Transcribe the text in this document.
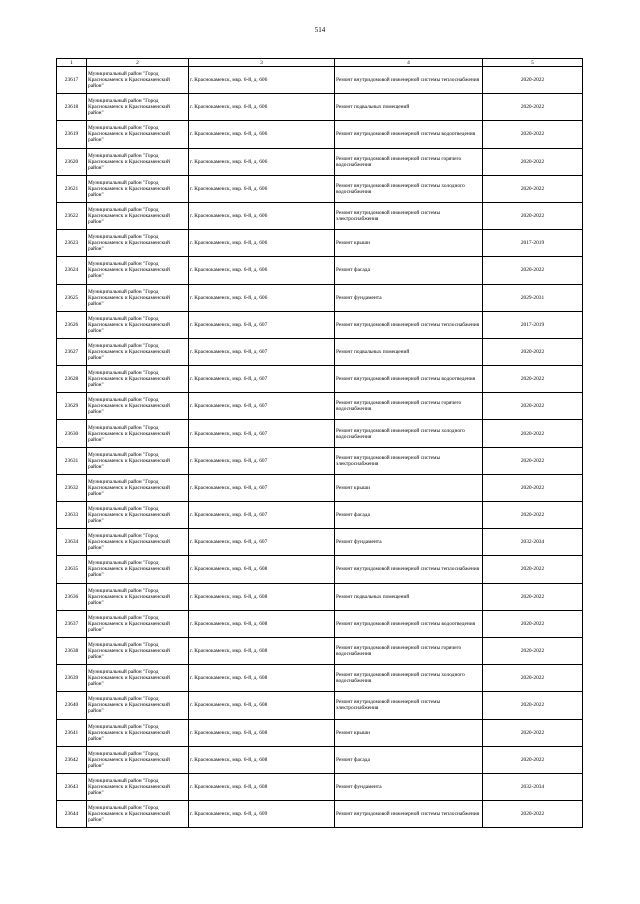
514
1	2	3	4	5
23617	Муниципальный район "Город Краснокаменск и Краснокаменский район"	г. Краснокаменск, мкр. 6-й, д. 606	Ремонт внутридомовой инженерной системы теплоснабжения	2020-2022
23618	Муниципальный район "Город Краснокаменск и Краснокаменский район"	г. Краснокаменск, мкр. 6-й, д. 606	Ремонт подвальных помещений	2020-2022
23619	Муниципальный район "Город Краснокаменск и Краснокаменский район"	г. Краснокаменск, мкр. 6-й, д. 606	Ремонт внутридомовой инженерной системы водоотведения	2020-2022
23620	Муниципальный район "Город Краснокаменск и Краснокаменский район"	г. Краснокаменск, мкр. 6-й, д. 606	Ремонт внутридомовой инженерной системы горячего водоснабжения	2020-2022
23621	Муниципальный район "Город Краснокаменск и Краснокаменский район"	г. Краснокаменск, мкр. 6-й, д. 606	Ремонт внутридомовой инженерной системы холодного водоснабжения	2020-2022
23622	Муниципальный район "Город Краснокаменск и Краснокаменский район"	г. Краснокаменск, мкр. 6-й, д. 606	Ремонт внутридомовой инженерной системы электроснабжения	2020-2022
23623	Муниципальный район "Город Краснокаменск и Краснокаменский район"	г. Краснокаменск, мкр. 6-й, д. 606	Ремонт крыши	2017-2019
23624	Муниципальный район "Город Краснокаменск и Краснокаменский район"	г. Краснокаменск, мкр. 6-й, д. 606	Ремонт фасада	2020-2022
23625	Муниципальный район "Город Краснокаменск и Краснокаменский район"	г. Краснокаменск, мкр. 6-й, д. 606	Ремонт фундамента	2029-2031
23626	Муниципальный район "Город Краснокаменск и Краснокаменский район"	г. Краснокаменск, мкр. 6-й, д. 607	Ремонт внутридомовой инженерной системы теплоснабжения	2017-2019
23627	Муниципальный район "Город Краснокаменск и Краснокаменский район"	г. Краснокаменск, мкр. 6-й, д. 607	Ремонт подвальных помещений	2020-2022
23628	Муниципальный район "Город Краснокаменск и Краснокаменский район"	г. Краснокаменск, мкр. 6-й, д. 607	Ремонт внутридомовой инженерной системы водоотведения	2020-2022
23629	Муниципальный район "Город Краснокаменск и Краснокаменский район"	г. Краснокаменск, мкр. 6-й, д. 607	Ремонт внутридомовой инженерной системы горячего водоснабжения	2020-2022
23630	Муниципальный район "Город Краснокаменск и Краснокаменский район"	г. Краснокаменск, мкр. 6-й, д. 607	Ремонт внутридомовой инженерной системы холодного водоснабжения	2020-2022
23631	Муниципальный район "Город Краснокаменск и Краснокаменский район"	г. Краснокаменск, мкр. 6-й, д. 607	Ремонт внутридомовой инженерной системы электроснабжения	2020-2022
23632	Муниципальный район "Город Краснокаменск и Краснокаменский район"	г. Краснокаменск, мкр. 6-й, д. 607	Ремонт крыши	2020-2022
23633	Муниципальный район "Город Краснокаменск и Краснокаменский район"	г. Краснокаменск, мкр. 6-й, д. 607	Ремонт фасада	2020-2022
23634	Муниципальный район "Город Краснокаменск и Краснокаменский район"	г. Краснокаменск, мкр. 6-й, д. 607	Ремонт фундамента	2032-2034
23635	Муниципальный район "Город Краснокаменск и Краснокаменский район"	г. Краснокаменск, мкр. 6-й, д. 608	Ремонт внутридомовой инженерной системы теплоснабжения	2020-2022
23636	Муниципальный район "Город Краснокаменск и Краснокаменский район"	г. Краснокаменск, мкр. 6-й, д. 608	Ремонт подвальных помещений	2020-2022
23637	Муниципальный район "Город Краснокаменск и Краснокаменский район"	г. Краснокаменск, мкр. 6-й, д. 608	Ремонт внутридомовой инженерной системы водоотведения	2020-2022
23638	Муниципальный район "Город Краснокаменск и Краснокаменский район"	г. Краснокаменск, мкр. 6-й, д. 608	Ремонт внутридомовой инженерной системы горячего водоснабжения	2020-2022
23639	Муниципальный район "Город Краснокаменск и Краснокаменский район"	г. Краснокаменск, мкр. 6-й, д. 608	Ремонт внутридомовой инженерной системы холодного водоснабжения	2020-2022
23640	Муниципальный район "Город Краснокаменск и Краснокаменский район"	г. Краснокаменск, мкр. 6-й, д. 608	Ремонт внутридомовой инженерной системы электроснабжения	2020-2022
23641	Муниципальный район "Город Краснокаменск и Краснокаменский район"	г. Краснокаменск, мкр. 6-й, д. 608	Ремонт крыши	2020-2022
23642	Муниципальный район "Город Краснокаменск и Краснокаменский район"	г. Краснокаменск, мкр. 6-й, д. 608	Ремонт фасада	2020-2022
23643	Муниципальный район "Город Краснокаменск и Краснокаменский район"	г. Краснокаменск, мкр. 6-й, д. 608	Ремонт фундамента	2032-2034
23644	Муниципальный район "Город Краснокаменск и Краснокаменский район"	г. Краснокаменск, мкр. 6-й, д. 609	Ремонт внутридомовой инженерной системы теплоснабжения	2020-2022
